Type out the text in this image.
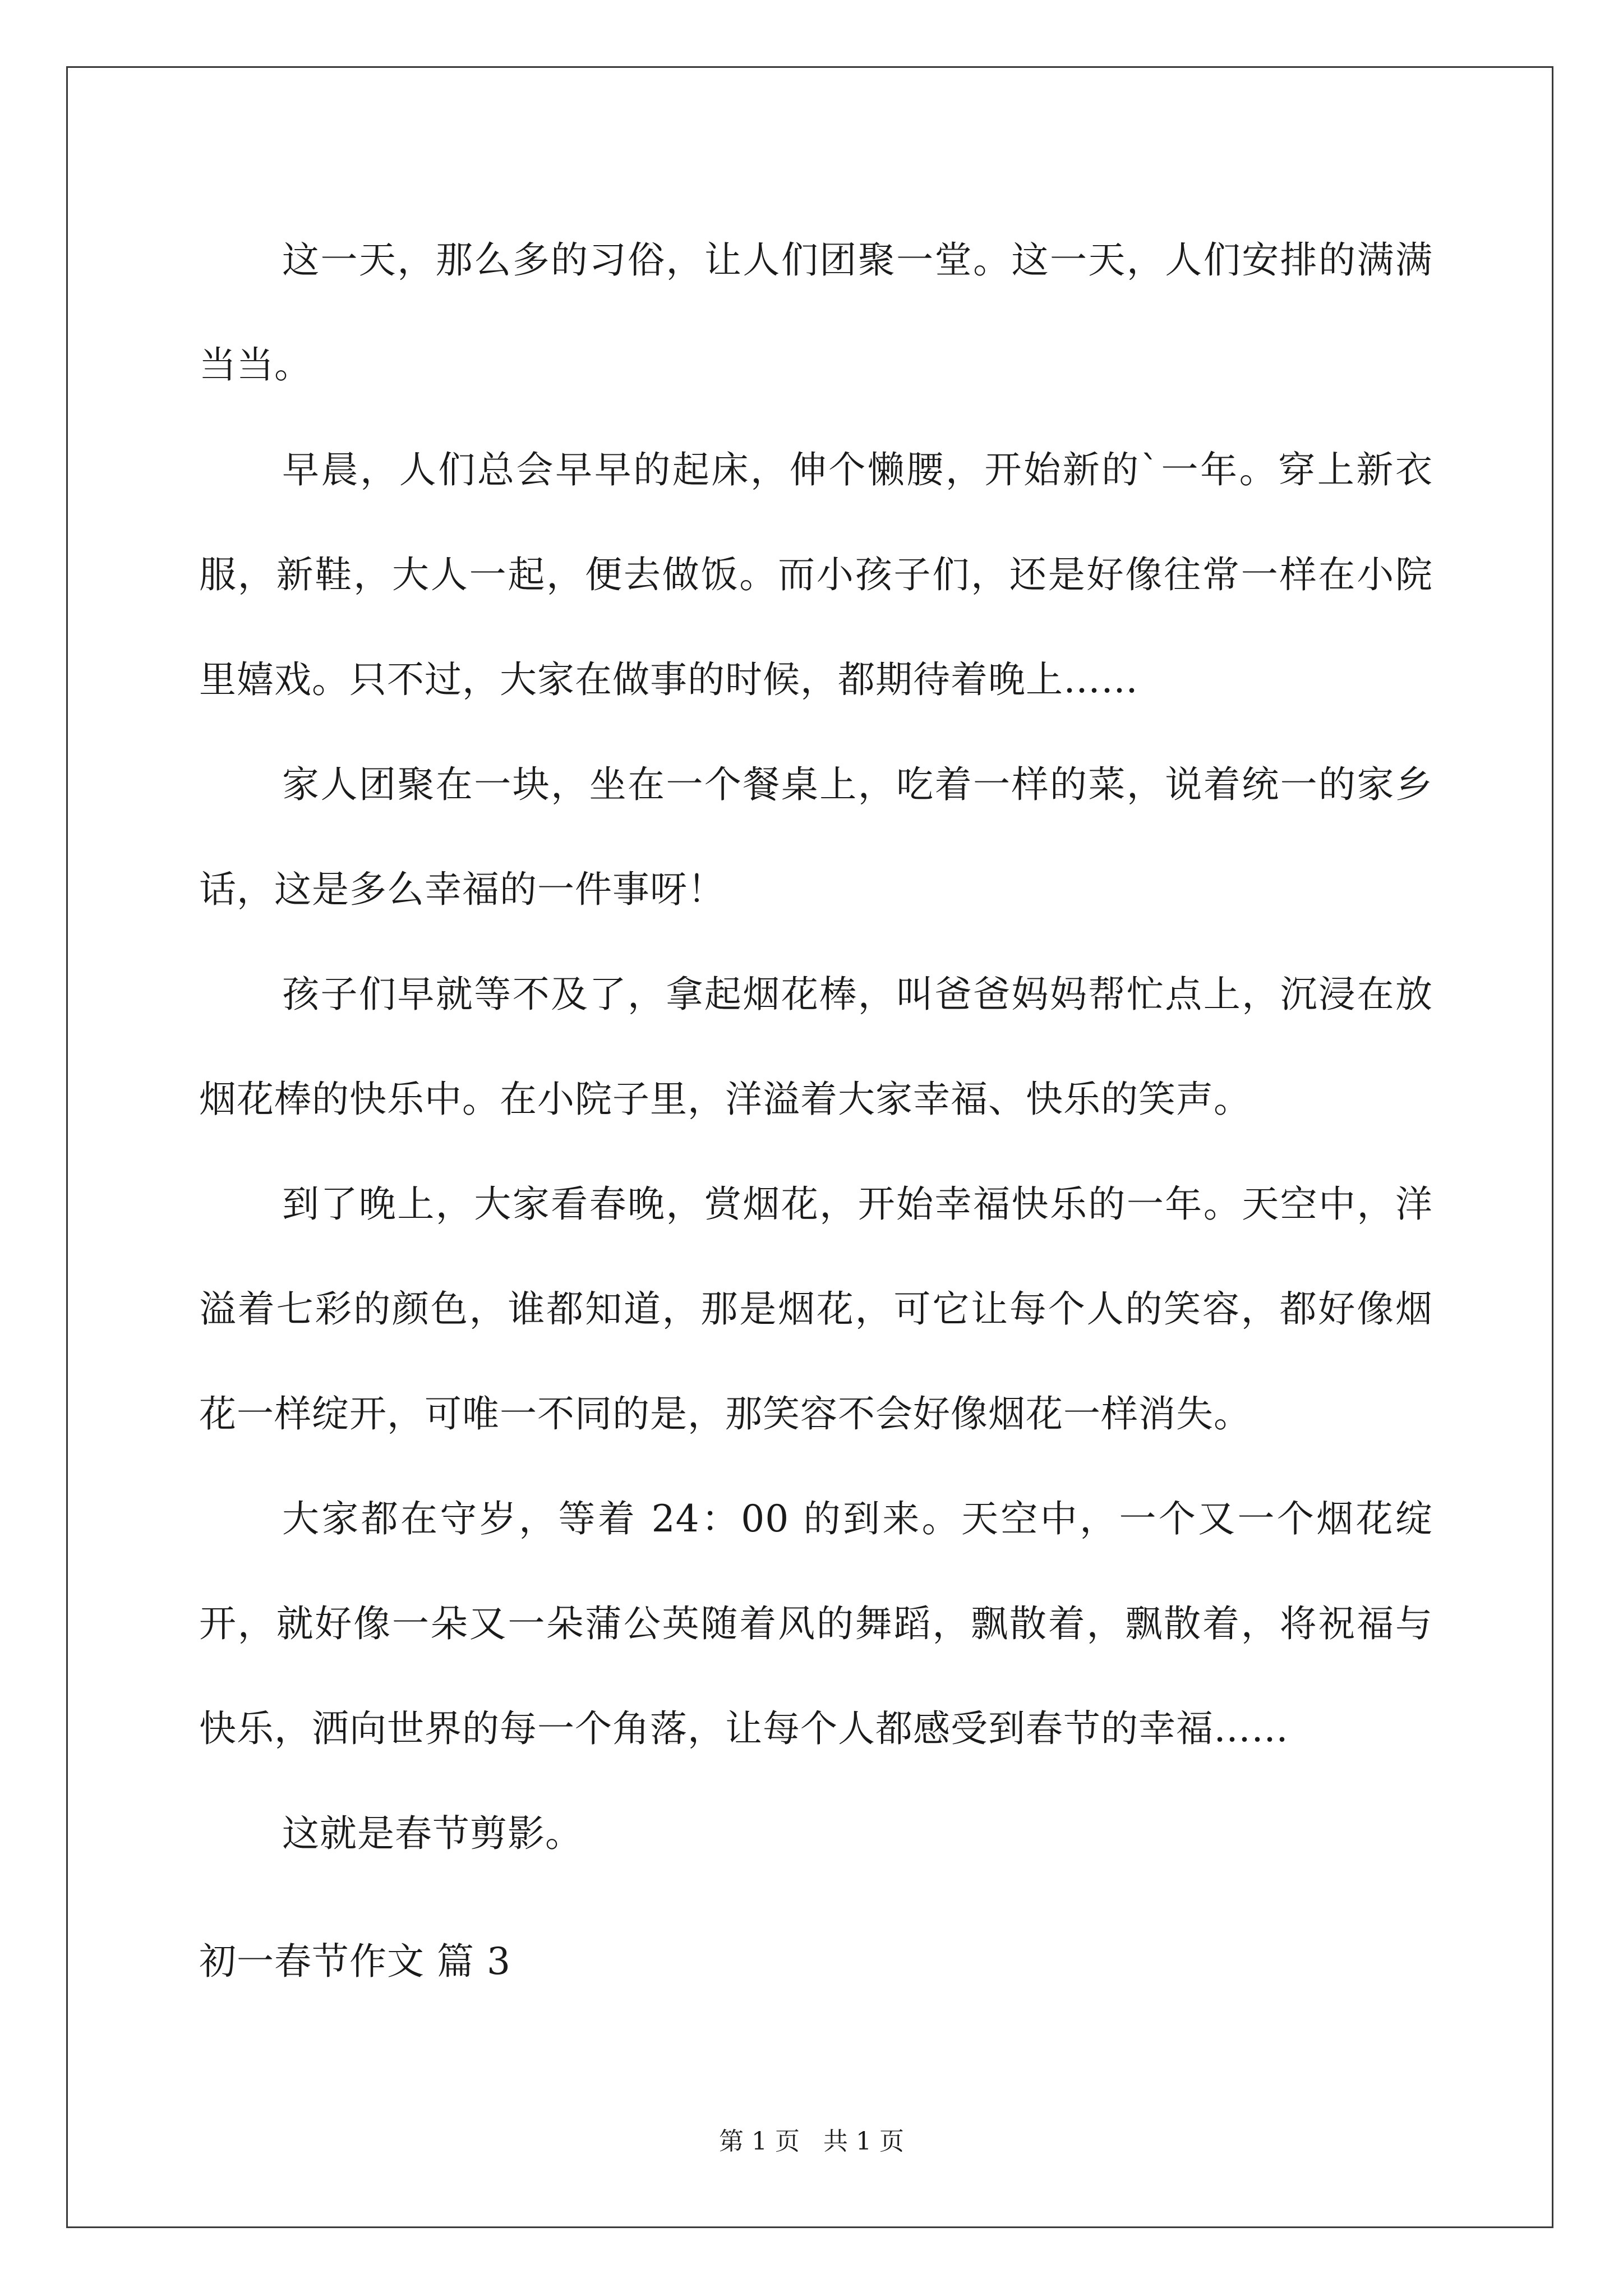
这一天，那么多的习俗，让人们团聚一堂。这一天，人们安排的满满当当。

早晨，人们总会早早的起床，伸个懒腰，开始新的`一年。穿上新衣服，新鞋，大人一起，便去做饭。而小孩子们，还是好像往常一样在小院里嬉戏。只不过，大家在做事的时候，都期待着晚上……

家人团聚在一块，坐在一个餐桌上，吃着一样的菜，说着统一的家乡话，这是多么幸福的一件事呀！

孩子们早就等不及了，拿起烟花棒，叫爸爸妈妈帮忙点上，沉浸在放烟花棒的快乐中。在小院子里，洋溢着大家幸福、快乐的笑声。

到了晚上，大家看春晚，赏烟花，开始幸福快乐的一年。天空中，洋溢着七彩的颜色，谁都知道，那是烟花，可它让每个人的笑容，都好像烟花一样绽开，可唯一不同的是，那笑容不会好像烟花一样消失。

大家都在守岁，等着 24：00 的到来。天空中，一个又一个烟花绽开，就好像一朵又一朵蒲公英随着风的舞蹈，飘散着，飘散着，将祝福与快乐，洒向世界的每一个角落，让每个人都感受到春节的幸福……

这就是春节剪影。

初一春节作文 篇 3

第 1 页 共 1 页
